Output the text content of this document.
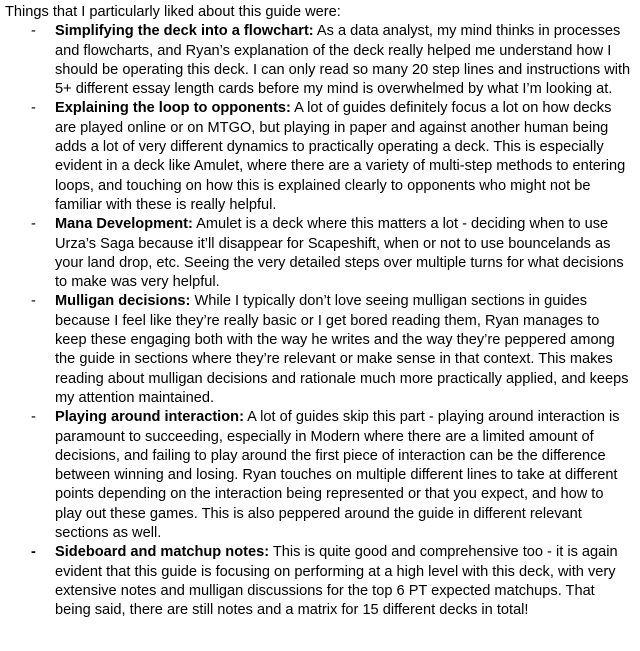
Things that I particularly liked about this guide were:

-	Simplifying the deck into a flowchart: As a data analyst, my mind thinks in processes and flowcharts, and Ryan’s explanation of the deck really helped me understand how I should be operating this deck. I can only read so many 20 step lines and instructions with 5+ different essay length cards before my mind is overwhelmed by what I’m looking at.
-	Explaining the loop to opponents: A lot of guides definitely focus a lot on how decks are played online or on MTGO, but playing in paper and against another human being adds a lot of very different dynamics to practically operating a deck. This is especially evident in a deck like Amulet, where there are a variety of multi-step methods to entering loops, and touching on how this is explained clearly to opponents who might not be familiar with these is really helpful.
-	Mana Development: Amulet is a deck where this matters a lot - deciding when to use Urza’s Saga because it’ll disappear for Scapeshift, when or not to use bouncelands as your land drop, etc. Seeing the very detailed steps over multiple turns for what decisions to make was very helpful.
-	Mulligan decisions: While I typically don’t love seeing mulligan sections in guides because I feel like they’re really basic or I get bored reading them, Ryan manages to keep these engaging both with the way he writes and the way they’re peppered among the guide in sections where they’re relevant or make sense in that context. This makes reading about mulligan decisions and rationale much more practically applied, and keeps my attention maintained.
-	Playing around interaction: A lot of guides skip this part - playing around interaction is paramount to succeeding, especially in Modern where there are a limited amount of decisions, and failing to play around the first piece of interaction can be the difference between winning and losing. Ryan touches on multiple different lines to take at different points depending on the interaction being represented or that you expect, and how to play out these games. This is also peppered around the guide in different relevant sections as well.
-	Sideboard and matchup notes: This is quite good and comprehensive too - it is again evident that this guide is focusing on performing at a high level with this deck, with very extensive notes and mulligan discussions for the top 6 PT expected matchups. That being said, there are still notes and a matrix for 15 different decks in total!
